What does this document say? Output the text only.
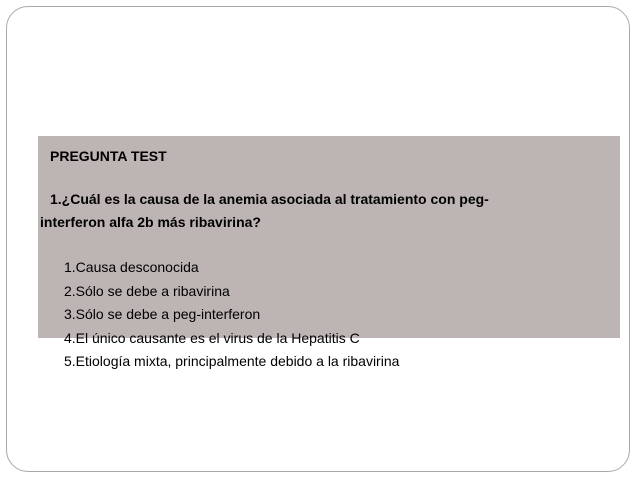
PREGUNTA TEST
1.¿Cuál es la causa de la anemia asociada al tratamiento con peg-
interferon alfa 2b más ribavirina?
1.Causa desconocida
2.Sólo se debe a ribavirina
3.Sólo se debe a peg-interferon
4.El único causante es el virus de la Hepatitis C
5.Etiología mixta, principalmente debido a la ribavirina
